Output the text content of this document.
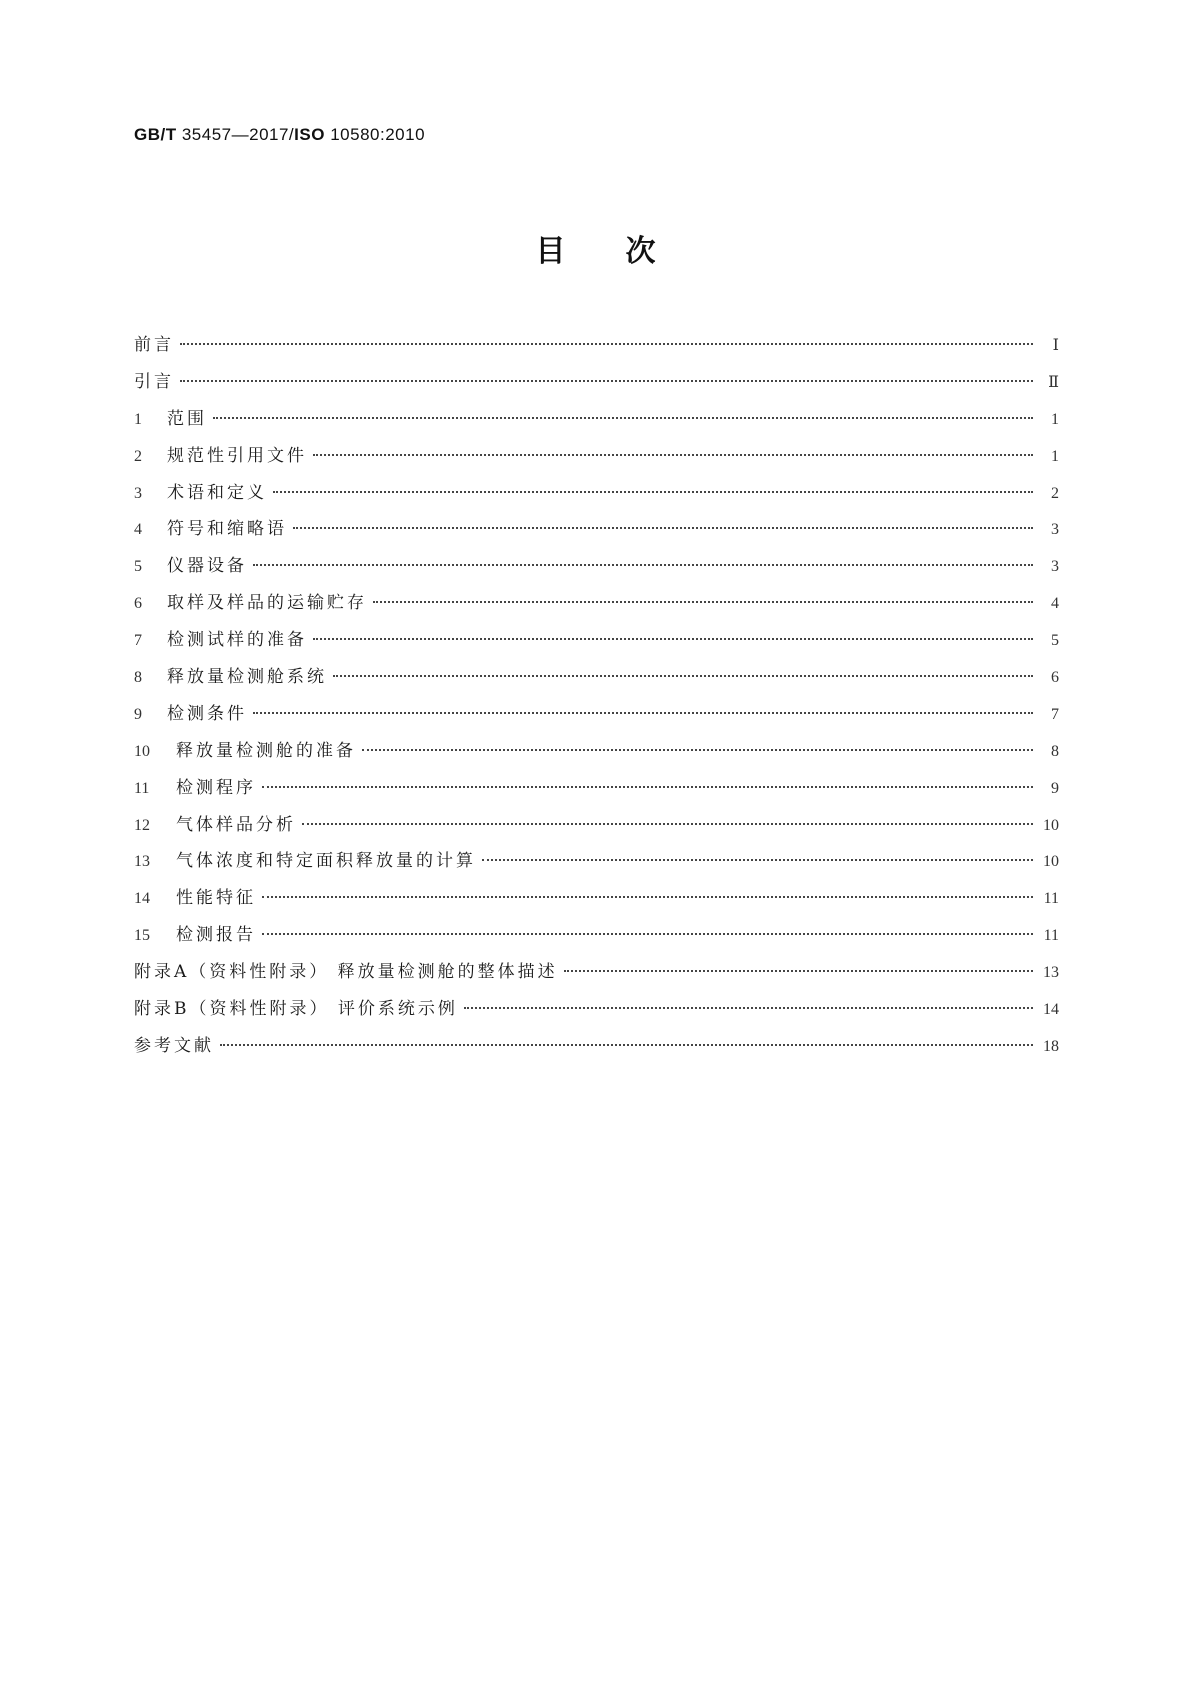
GB/T 35457—2017/ISO 10580:2010
目次
前言	Ⅰ
引言	Ⅱ
1	范围	1
2	规范性引用文件	1
3	术语和定义	2
4	符号和缩略语	3
5	仪器设备	3
6	取样及样品的运输贮存	4
7	检测试样的准备	5
8	释放量检测舱系统	6
9	检测条件	7
10	释放量检测舱的准备	8
11	检测程序	9
12	气体样品分析	10
13	气体浓度和特定面积释放量的计算	10
14	性能特征	11
15	检测报告	11
附录A（资料性附录） 释放量检测舱的整体描述	13
附录B（资料性附录） 评价系统示例	14
参考文献	18
